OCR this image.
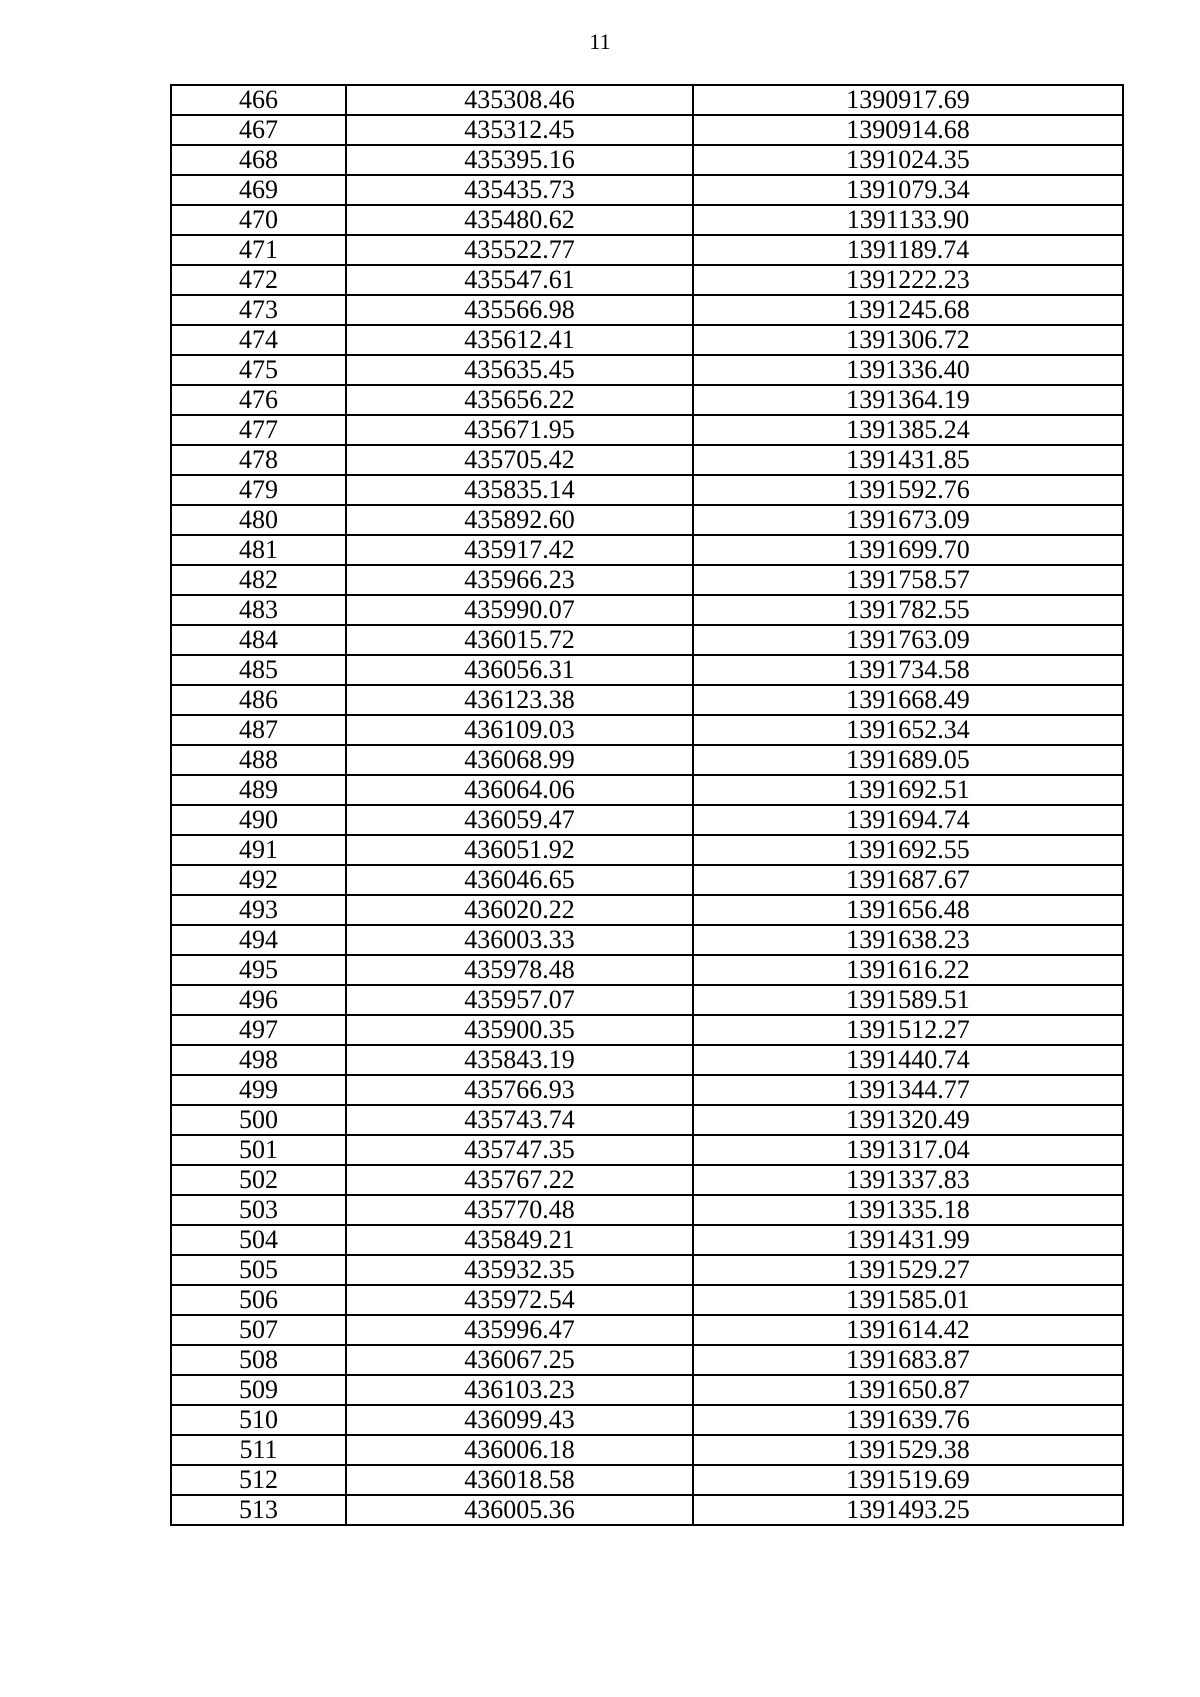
11
466	435308.46	1390917.69
467	435312.45	1390914.68
468	435395.16	1391024.35
469	435435.73	1391079.34
470	435480.62	1391133.90
471	435522.77	1391189.74
472	435547.61	1391222.23
473	435566.98	1391245.68
474	435612.41	1391306.72
475	435635.45	1391336.40
476	435656.22	1391364.19
477	435671.95	1391385.24
478	435705.42	1391431.85
479	435835.14	1391592.76
480	435892.60	1391673.09
481	435917.42	1391699.70
482	435966.23	1391758.57
483	435990.07	1391782.55
484	436015.72	1391763.09
485	436056.31	1391734.58
486	436123.38	1391668.49
487	436109.03	1391652.34
488	436068.99	1391689.05
489	436064.06	1391692.51
490	436059.47	1391694.74
491	436051.92	1391692.55
492	436046.65	1391687.67
493	436020.22	1391656.48
494	436003.33	1391638.23
495	435978.48	1391616.22
496	435957.07	1391589.51
497	435900.35	1391512.27
498	435843.19	1391440.74
499	435766.93	1391344.77
500	435743.74	1391320.49
501	435747.35	1391317.04
502	435767.22	1391337.83
503	435770.48	1391335.18
504	435849.21	1391431.99
505	435932.35	1391529.27
506	435972.54	1391585.01
507	435996.47	1391614.42
508	436067.25	1391683.87
509	436103.23	1391650.87
510	436099.43	1391639.76
511	436006.18	1391529.38
512	436018.58	1391519.69
513	436005.36	1391493.25
